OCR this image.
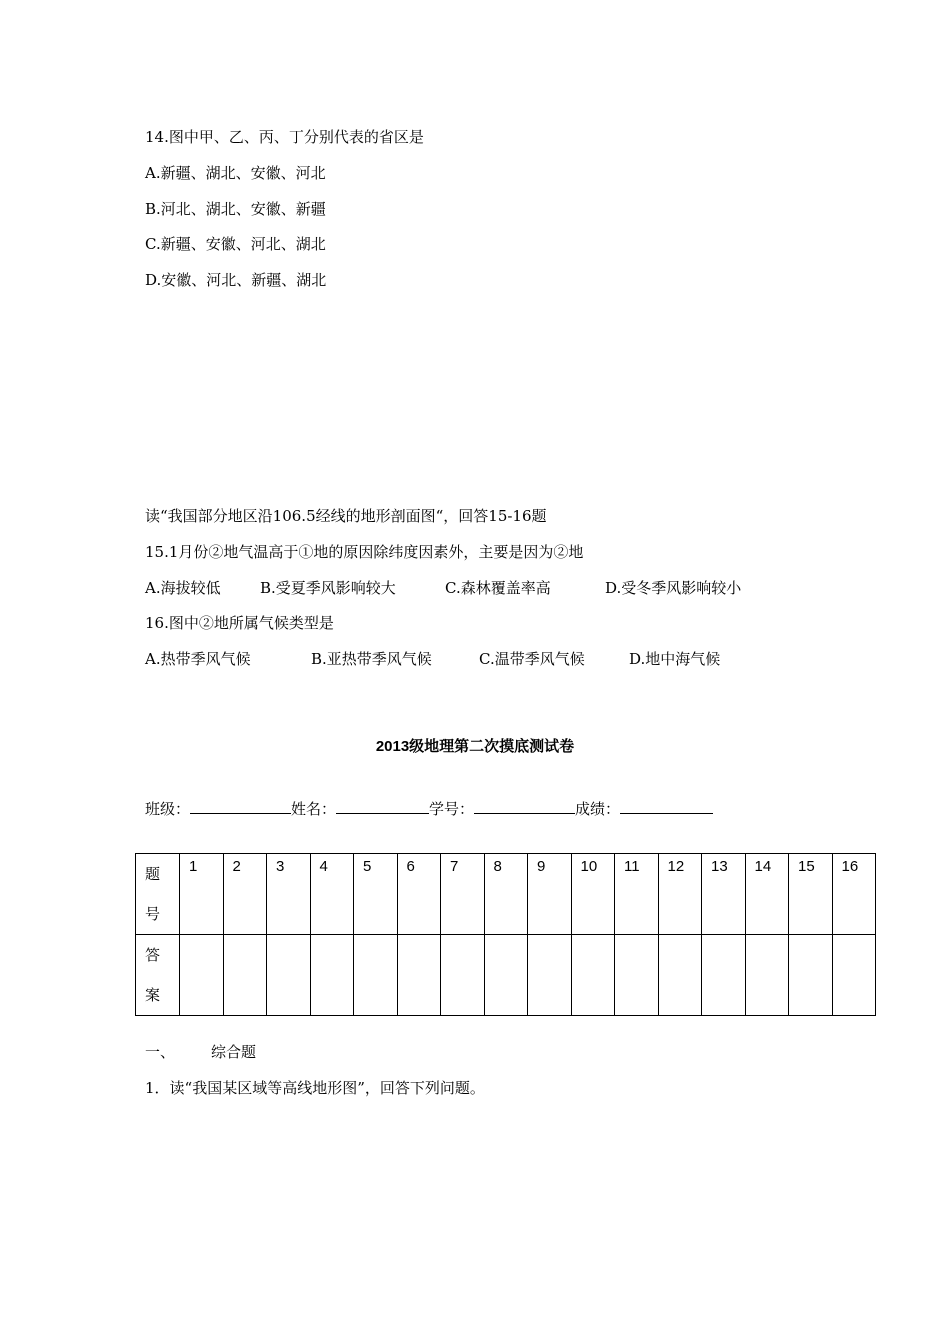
14.图中甲、乙、丙、丁分别代表的省区是
A.新疆、湖北、安徽、河北
B.河北、湖北、安徽、新疆
C.新疆、安徽、河北、湖北
D.安徽、河北、新疆、湖北
读“我国部分地区沿106.5经线的地形剖面图“，回答15-16题
15.1月份②地气温高于①地的原因除纬度因素外，主要是因为②地
A.海拔较低	B.受夏季风影响较大	C.森林覆盖率高	D.受冬季风影响较小
16.图中②地所属气候类型是
A.热带季风气候	B.亚热带季风气候	C.温带季风气候	D.地中海气候
2013级地理第二次摸底测试卷
班级：	姓名：	学号：	成绩：
题
号	1	2	3	4	5	6	7	8	9	10	11	12	13	14	15	16

答
案																

一、 综合题
1．读“我国某区域等高线地形图”，回答下列问题。
